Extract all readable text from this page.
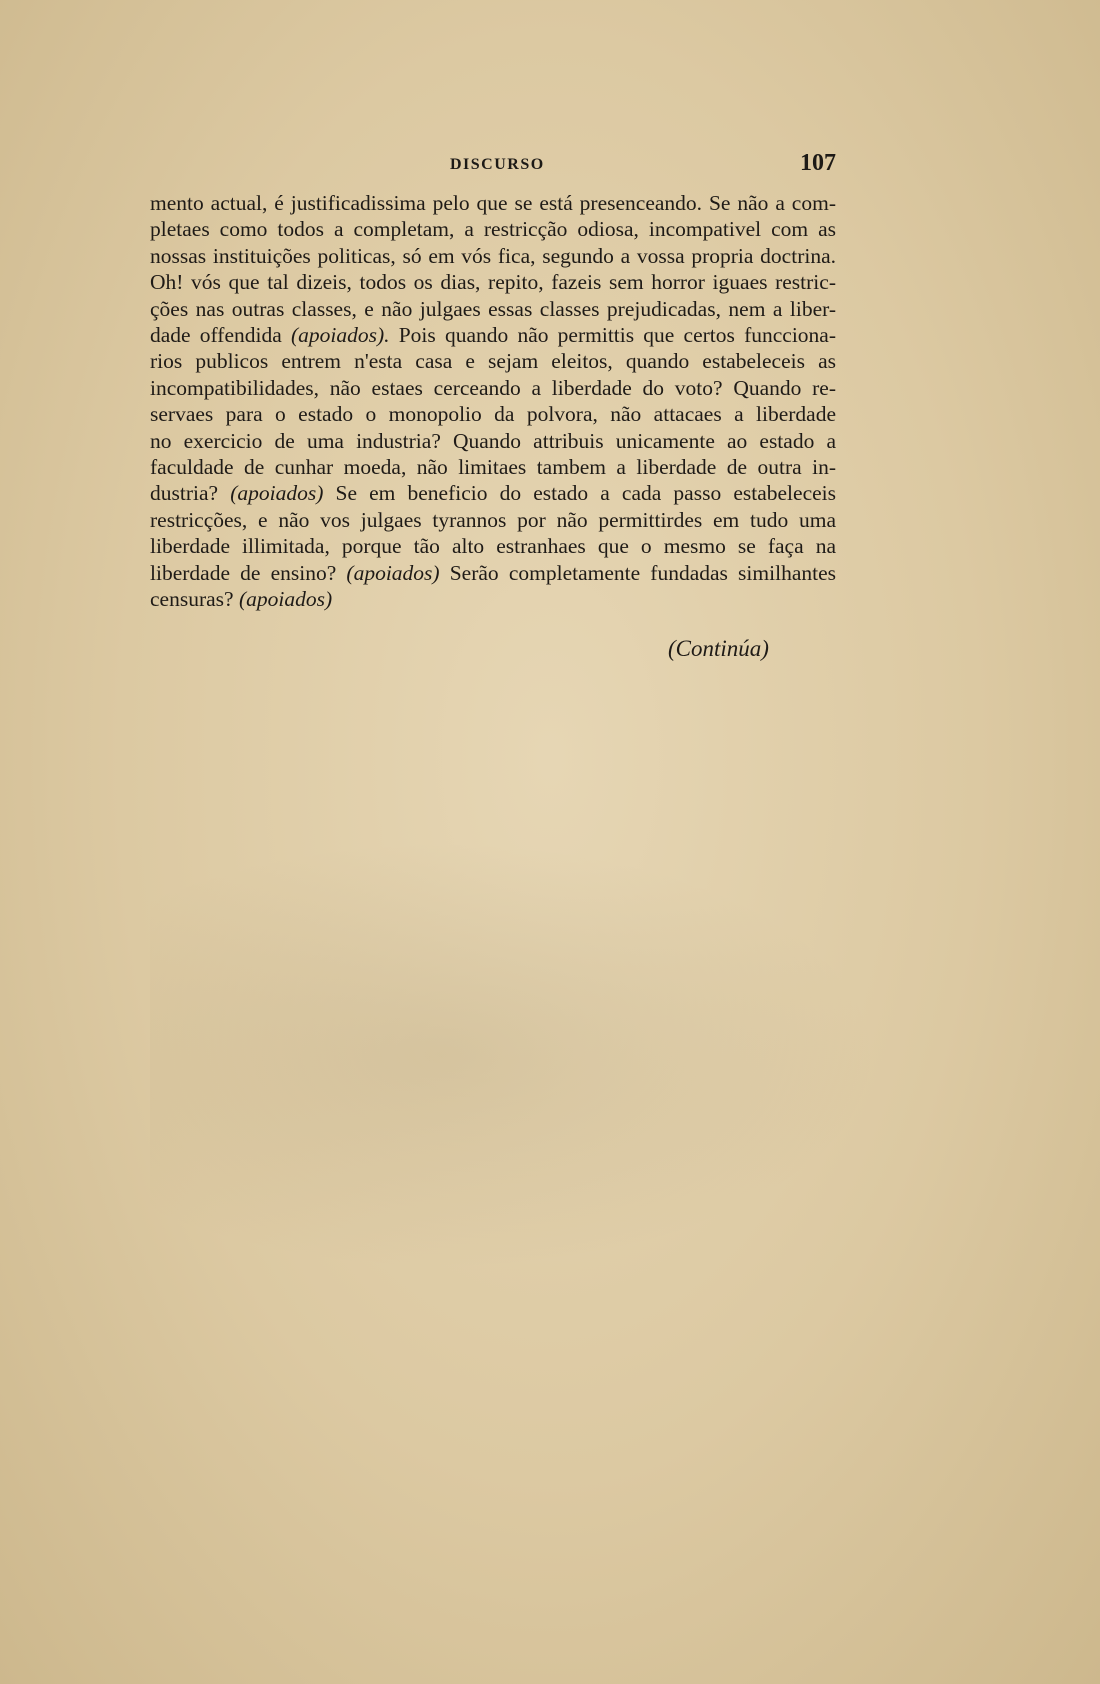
DISCURSO	107
mento actual, é justificadissima pelo que se está presenceando. Se não a com-
pletaes como todos a completam, a restricção odiosa, incompativel com as
nossas instituições politicas, só em vós fica, segundo a vossa propria doctrina.
Oh! vós que tal dizeis, todos os dias, repito, fazeis sem horror iguaes restric-
ções nas outras classes, e não julgaes essas classes prejudicadas, nem a liber-
dade offendida (apoiados). Pois quando não permittis que certos funcciona-
rios publicos entrem n'esta casa e sejam eleitos, quando estabeleceis as
incompatibilidades, não estaes cerceando a liberdade do voto? Quando re-
servaes para o estado o monopolio da polvora, não attacaes a liberdade
no exercicio de uma industria? Quando attribuis unicamente ao estado a
faculdade de cunhar moeda, não limitaes tambem a liberdade de outra in-
dustria? (apoiados) Se em beneficio do estado a cada passo estabeleceis
restricções, e não vos julgaes tyrannos por não permittirdes em tudo uma
liberdade illimitada, porque tão alto estranhaes que o mesmo se faça na
liberdade de ensino? (apoiados) Serão completamente fundadas similhantes
censuras? (apoiados)
(Continúa)
